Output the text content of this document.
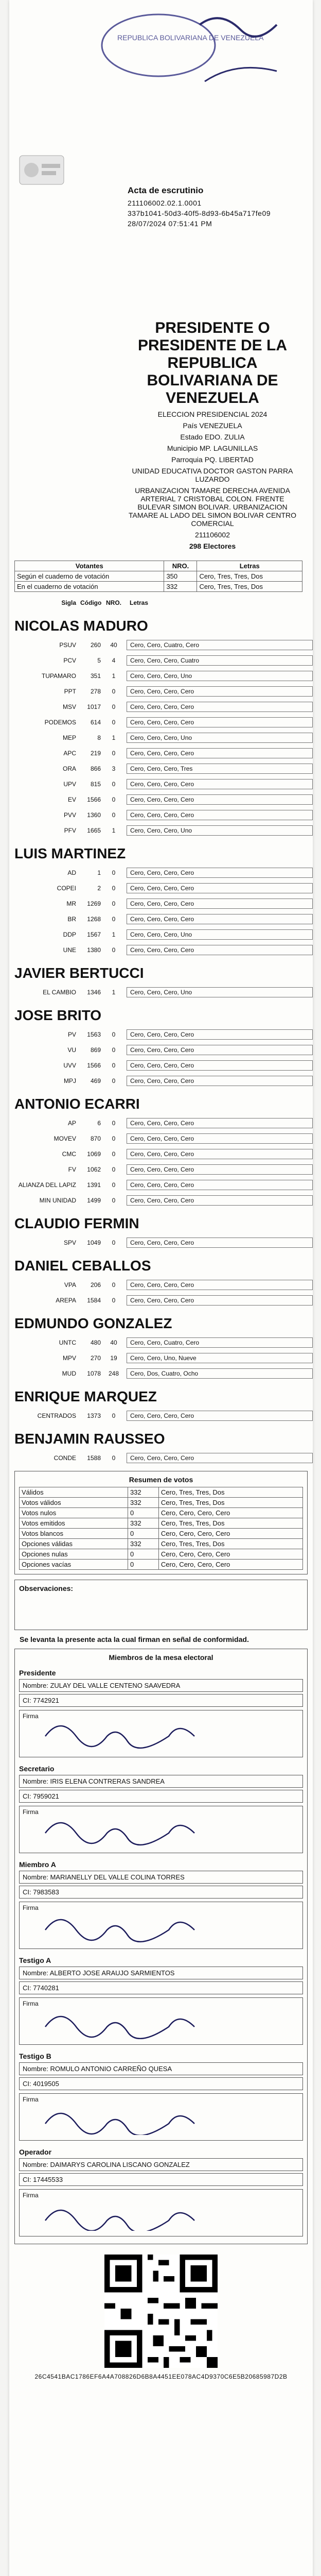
REPUBLICA BOLIVARIANA DE VENEZUELA
Acta de escrutinio
211106002.02.1.0001
337b1041-50d3-40f5-8d93-6b45a717fe09
28/07/2024 07:51:41 PM
PRESIDENTE O PRESIDENTE DE LA REPUBLICA BOLIVARIANA DE VENEZUELA

ELECCION PRESIDENCIAL 2024

País VENEZUELA

Estado EDO. ZULIA

Municipio MP. LAGUNILLAS

Parroquia PQ. LIBERTAD

UNIDAD EDUCATIVA DOCTOR GASTON PARRA LUZARDO

URBANIZACION TAMARE DERECHA AVENIDA ARTERIAL 7 CRISTOBAL COLON. FRENTE BULEVAR SIMON BOLIVAR. URBANIZACION TAMARE AL LADO DEL SIMON BOLIVAR CENTRO COMERCIAL

211106002

298 Electores

Votantes	NRO.	Letras
Según el cuaderno de votación	350	Cero, Tres, Tres, Dos
En el cuaderno de votación	332	Cero, Tres, Tres, Dos
Sigla Código NRO.	Letras
NICOLAS MADURO
PSUV	260	40	Cero, Cero, Cuatro, Cero
PCV	5	4	Cero, Cero, Cero, Cuatro
TUPAMARO	351	1	Cero, Cero, Cero, Uno
PPT	278	0	Cero, Cero, Cero, Cero
MSV	1017	0	Cero, Cero, Cero, Cero
PODEMOS	614	0	Cero, Cero, Cero, Cero
MEP	8	1	Cero, Cero, Cero, Uno
APC	219	0	Cero, Cero, Cero, Cero
ORA	866	3	Cero, Cero, Cero, Tres
UPV	815	0	Cero, Cero, Cero, Cero
EV	1566	0	Cero, Cero, Cero, Cero
PVV	1360	0	Cero, Cero, Cero, Cero
PFV	1665	1	Cero, Cero, Cero, Uno
LUIS MARTINEZ
AD	1	0	Cero, Cero, Cero, Cero
COPEI	2	0	Cero, Cero, Cero, Cero
MR	1269	0	Cero, Cero, Cero, Cero
BR	1268	0	Cero, Cero, Cero, Cero
DDP	1567	1	Cero, Cero, Cero, Uno
UNE	1380	0	Cero, Cero, Cero, Cero
JAVIER BERTUCCI
EL CAMBIO	1346	1	Cero, Cero, Cero, Uno
JOSE BRITO
PV	1563	0	Cero, Cero, Cero, Cero
VU	869	0	Cero, Cero, Cero, Cero
UVV	1566	0	Cero, Cero, Cero, Cero
MPJ	469	0	Cero, Cero, Cero, Cero
ANTONIO ECARRI
AP	6	0	Cero, Cero, Cero, Cero
MOVEV	870	0	Cero, Cero, Cero, Cero
CMC	1069	0	Cero, Cero, Cero, Cero
FV	1062	0	Cero, Cero, Cero, Cero
ALIANZA DEL LAPIZ	1391	0	Cero, Cero, Cero, Cero
MIN UNIDAD	1499	0	Cero, Cero, Cero, Cero
CLAUDIO FERMIN
SPV	1049	0	Cero, Cero, Cero, Cero
DANIEL CEBALLOS
VPA	206	0	Cero, Cero, Cero, Cero
AREPA	1584	0	Cero, Cero, Cero, Cero
EDMUNDO GONZALEZ
UNTC	480	40	Cero, Cero, Cuatro, Cero
MPV	270	19	Cero, Cero, Uno, Nueve
MUD	1078	248	Cero, Dos, Cuatro, Ocho
ENRIQUE MARQUEZ
CENTRADOS	1373	0	Cero, Cero, Cero, Cero
BENJAMIN RAUSSEO
CONDE	1588	0	Cero, Cero, Cero, Cero
Resumen de votos
Válidos	332	Cero, Tres, Tres, Dos
Votos válidos	332	Cero, Tres, Tres, Dos
Votos nulos	0	Cero, Cero, Cero, Cero
Votos emitidos	332	Cero, Tres, Tres, Dos
Votos blancos	0	Cero, Cero, Cero, Cero
Opciones válidas	332	Cero, Tres, Tres, Dos
Opciones nulas	0	Cero, Cero, Cero, Cero
Opciones vacías	0	Cero, Cero, Cero, Cero
Observaciones:

Se levanta la presente acta la cual firman en señal de conformidad.

Miembros de la mesa electoral
Presidente
Nombre: ZULAY DEL VALLE CENTENO SAAVEDRA
CI: 7742921
Firma
Secretario
Nombre: IRIS ELENA CONTRERAS SANDREA
CI: 7959021
Firma
Miembro A
Nombre: MARIANELLY DEL VALLE COLINA TORRES
CI: 7983583
Firma
Testigo A
Nombre: ALBERTO JOSE ARAUJO SARMIENTOS
CI: 7740281
Firma
Testigo B
Nombre: ROMULO ANTONIO CARREÑO QUESA
CI: 4019505
Firma
Operador
Nombre: DAIMARYS CAROLINA LISCANO GONZALEZ
CI: 17445533
Firma
26C4541BAC1786EF6A4A708826D6B8A4451EE078AC4D9370C6E5B20685987D2B
